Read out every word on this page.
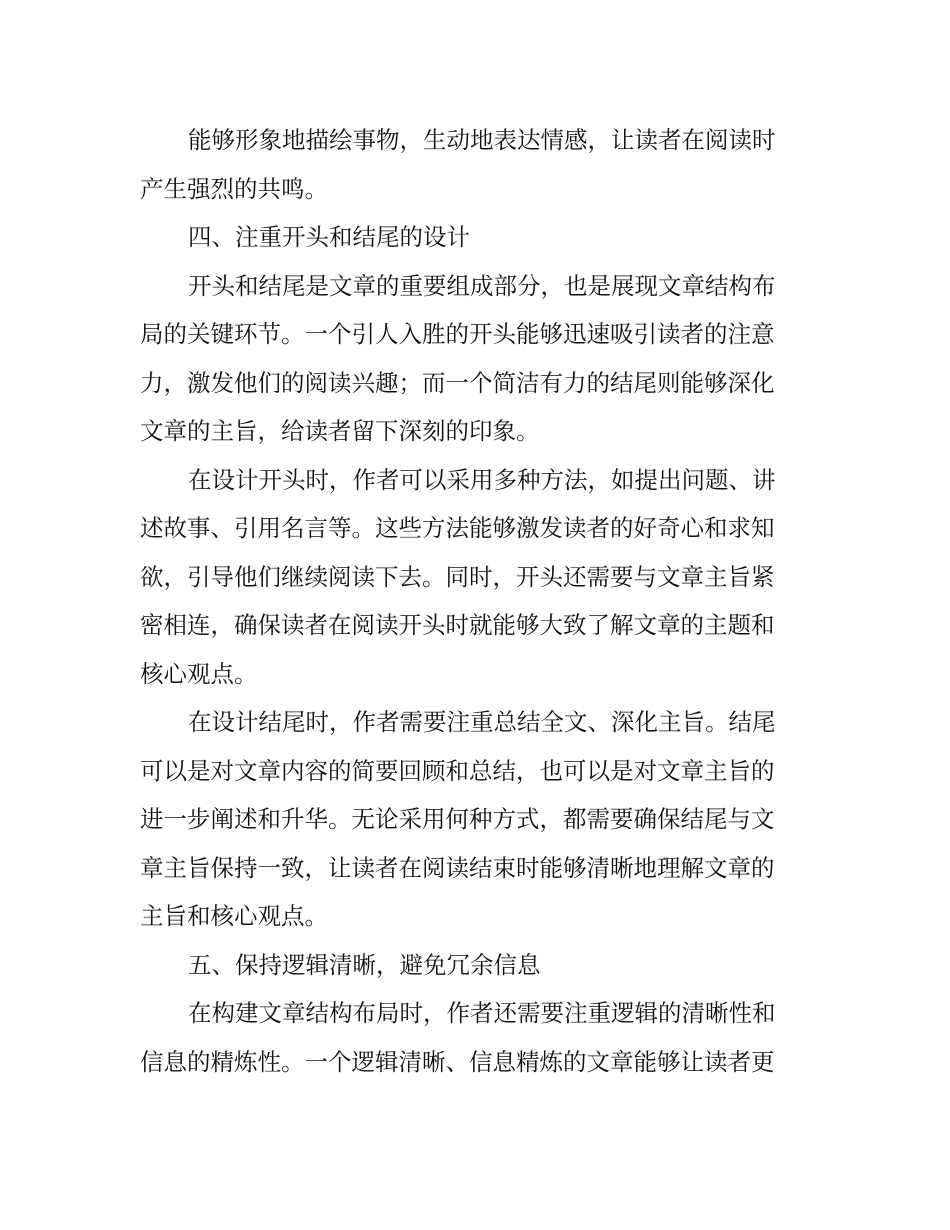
能够形象地描绘事物，生动地表达情感，让读者在阅读时
产生强烈的共鸣。
四、注重开头和结尾的设计
开头和结尾是文章的重要组成部分，也是展现文章结构布
局的关键环节。一个引人入胜的开头能够迅速吸引读者的注意
力，激发他们的阅读兴趣；而一个简洁有力的结尾则能够深化
文章的主旨，给读者留下深刻的印象。
在设计开头时，作者可以采用多种方法，如提出问题、讲
述故事、引用名言等。这些方法能够激发读者的好奇心和求知
欲，引导他们继续阅读下去。同时，开头还需要与文章主旨紧
密相连，确保读者在阅读开头时就能够大致了解文章的主题和
核心观点。
在设计结尾时，作者需要注重总结全文、深化主旨。结尾
可以是对文章内容的简要回顾和总结，也可以是对文章主旨的
进一步阐述和升华。无论采用何种方式，都需要确保结尾与文
章主旨保持一致，让读者在阅读结束时能够清晰地理解文章的
主旨和核心观点。
五、保持逻辑清晰，避免冗余信息
在构建文章结构布局时，作者还需要注重逻辑的清晰性和
信息的精炼性。一个逻辑清晰、信息精炼的文章能够让读者更
